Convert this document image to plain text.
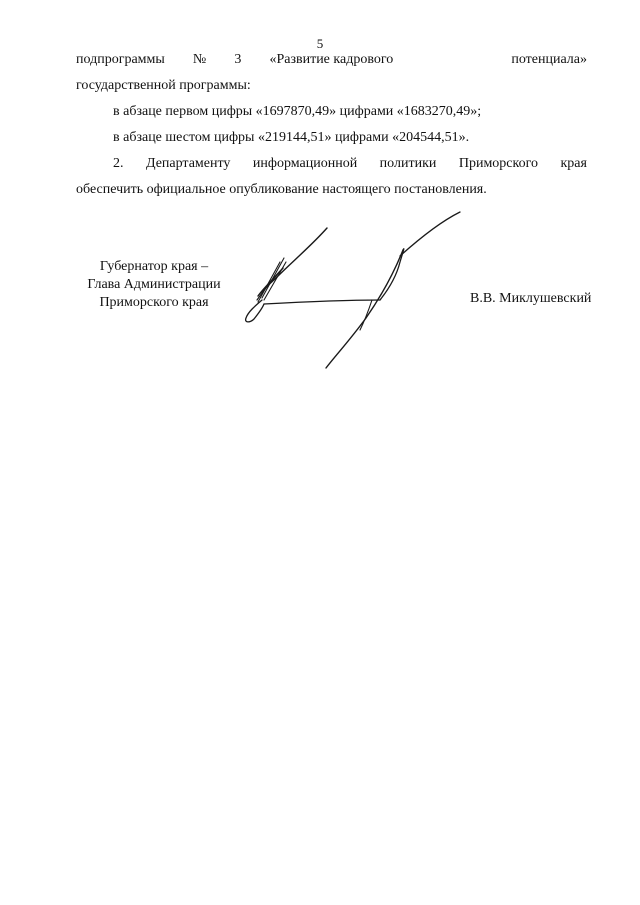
5
подпрограммы № 3 «Развитие кадрового	потенциала»
государственной программы:
в абзаце первом цифры «1697870,49» цифрами «1683270,49»;
в абзаце шестом цифры «219144,51» цифрами «204544,51».
2. Департаменту информационной политики Приморского края
обеспечить официальное опубликование настоящего постановления.
Губернатор края –
Глава Администрации
Приморского края	В.В. Миклушевский
